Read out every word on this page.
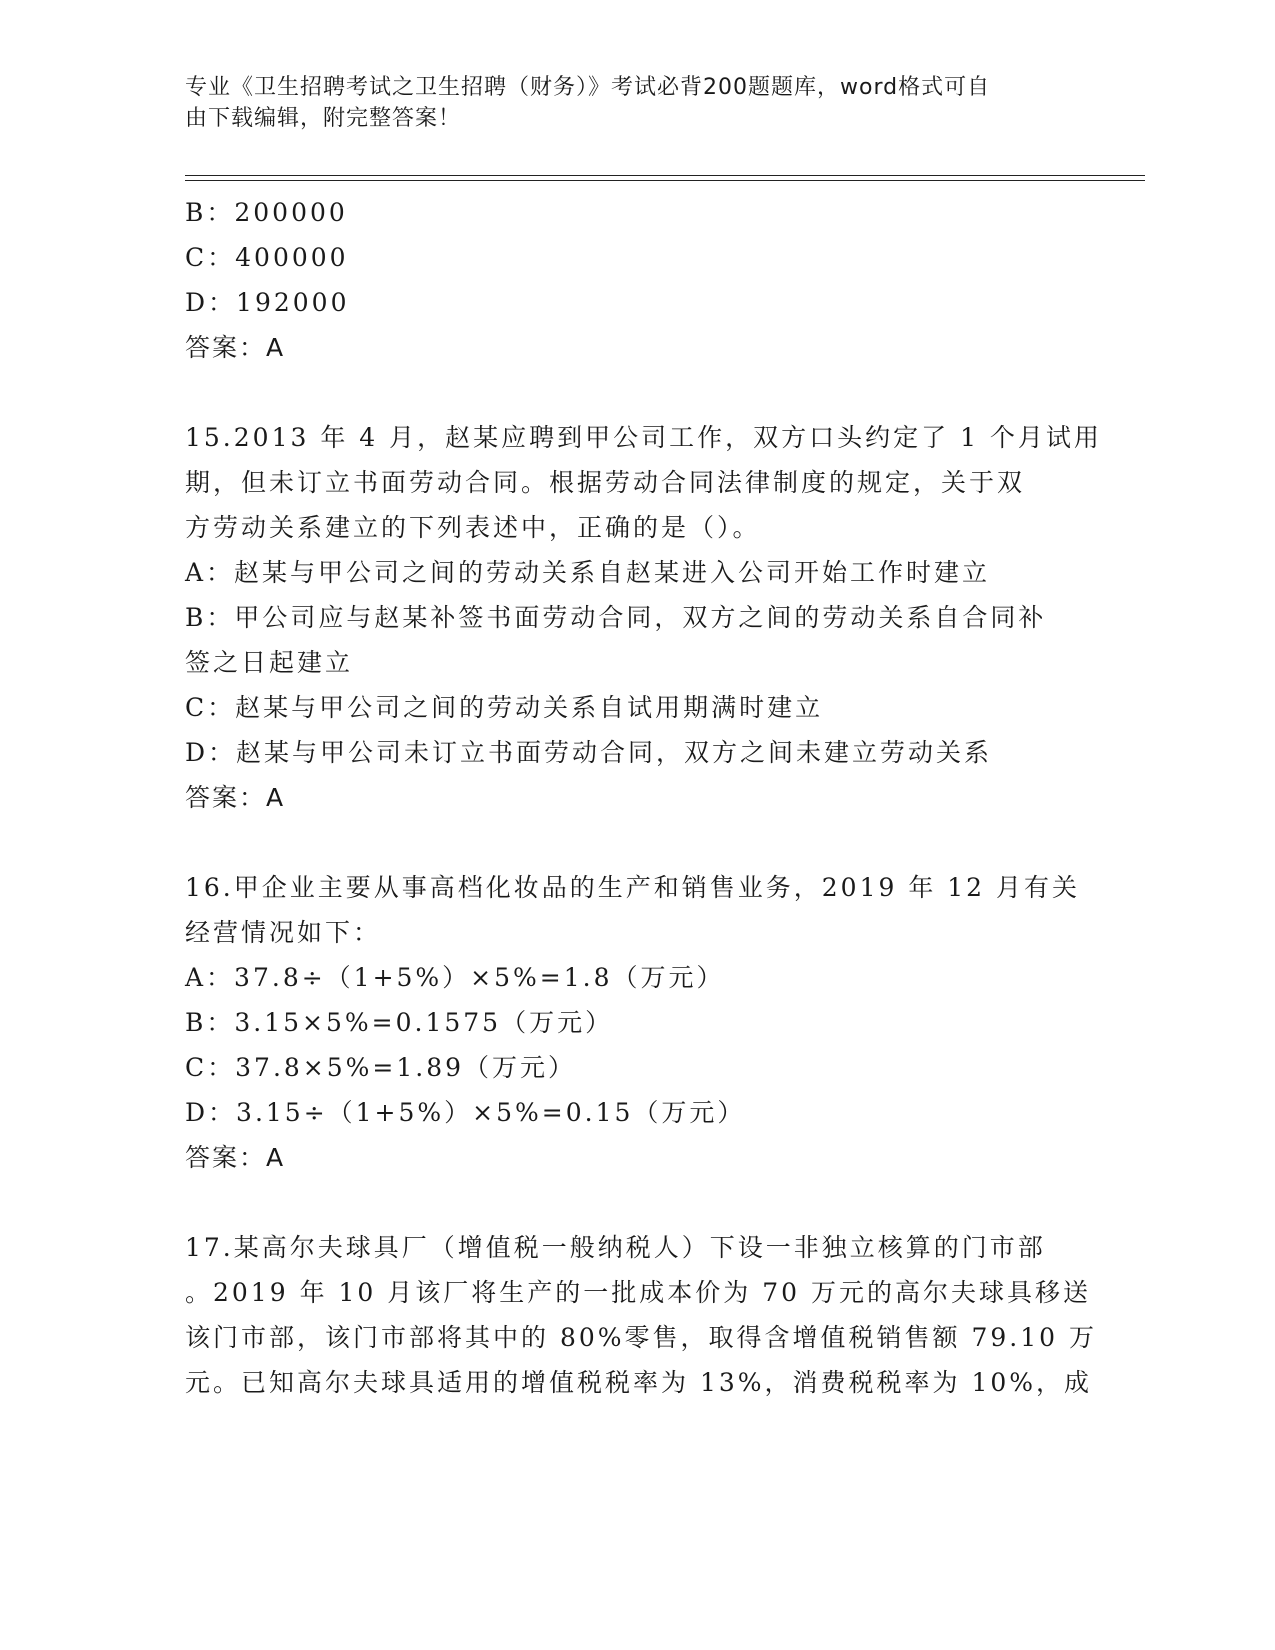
专业《卫生招聘考试之卫生招聘（财务）》考试必背200题题库，word格式可自
由下载编辑，附完整答案！
B：200000
C：400000
D：192000
答案：A
15.2013 年 4 月，赵某应聘到甲公司工作，双方口头约定了 1 个月试用
期，但未订立书面劳动合同。根据劳动合同法律制度的规定，关于双
方劳动关系建立的下列表述中，正确的是（）。
A：赵某与甲公司之间的劳动关系自赵某进入公司开始工作时建立
B：甲公司应与赵某补签书面劳动合同，双方之间的劳动关系自合同补
签之日起建立
C：赵某与甲公司之间的劳动关系自试用期满时建立
D：赵某与甲公司未订立书面劳动合同，双方之间未建立劳动关系
答案：A
16.甲企业主要从事高档化妆品的生产和销售业务，2019 年 12 月有关
经营情况如下：
A：37.8÷（1+5%）×5%=1.8（万元）
B：3.15×5%=0.1575（万元）
C：37.8×5%=1.89（万元）
D：3.15÷（1+5%）×5%=0.15（万元）
答案：A
17.某高尔夫球具厂（增值税一般纳税人）下设一非独立核算的门市部
。2019 年 10 月该厂将生产的一批成本价为 70 万元的高尔夫球具移送
该门市部，该门市部将其中的 80%零售，取得含增值税销售额 79.10 万
元。已知高尔夫球具适用的增值税税率为 13%，消费税税率为 10%，成
